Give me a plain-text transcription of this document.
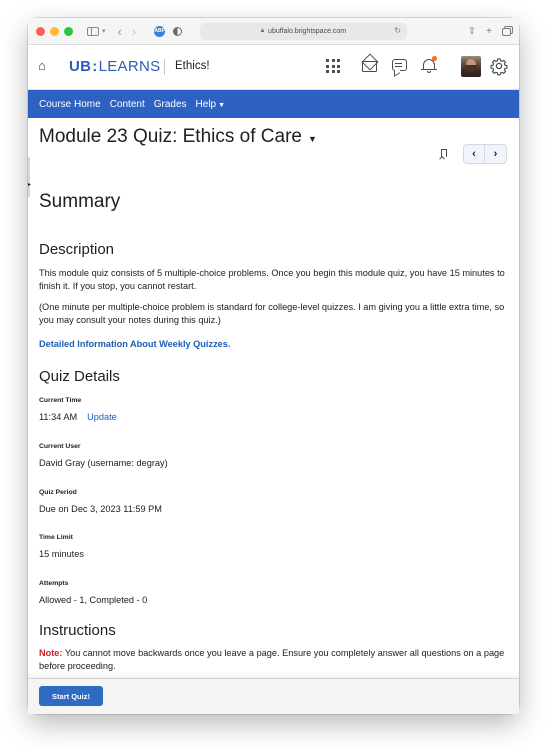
▾ ‹ ›	ABP	🔒︎ ubuffalo.brightspace.com	↻	⇪ +
⌂ UB:LEARNS Ethics!
Course Home Content Grades Help ▼
▸
Module 23 Quiz: Ethics of Care ▼
‹ ›
Summary
Description

This module quiz consists of 5 multiple-choice problems. Once you begin this module quiz, you have 15 minutes to finish it. If you stop, you cannot restart.

(One minute per multiple-choice problem is standard for college-level quizzes. I am giving you a little extra time, so you may consult your notes during this quiz.)

Detailed Information About Weekly Quizzes.
Quiz Details
Current Time
11:34 AM Update
Current User
David Gray (username: degray)
Quiz Period
Due on Dec 3, 2023 11:59 PM
Time Limit
15 minutes
Attempts
Allowed - 1, Completed - 0
Instructions

Note: You cannot move backwards once you leave a page. Ensure you completely answer all questions on a page before proceeding.

Start Quiz!
